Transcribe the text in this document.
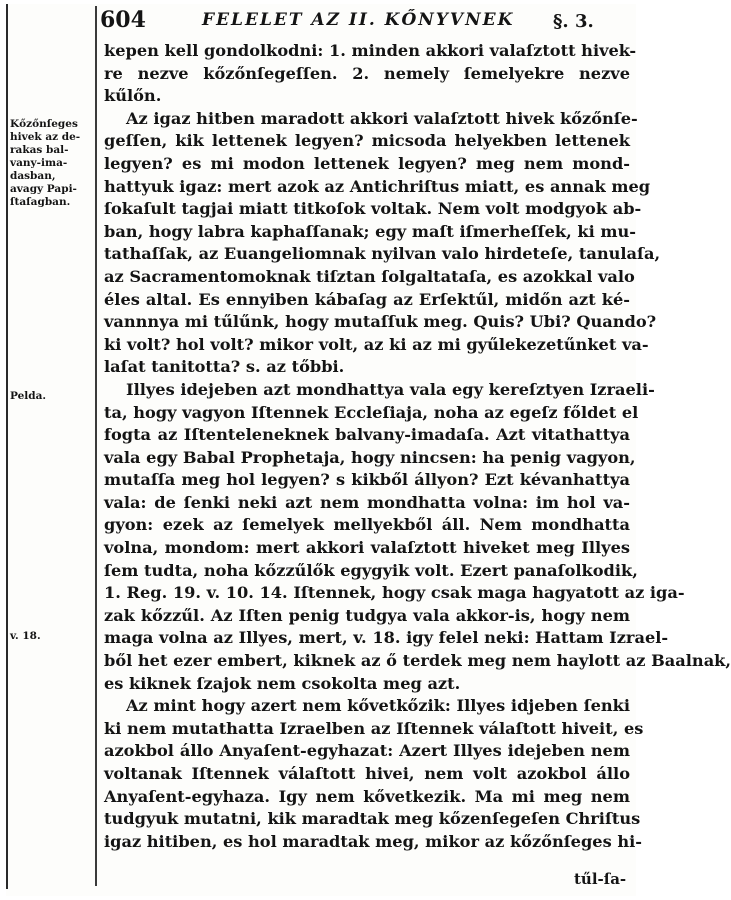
604	FELELET AZ II. KŐNYVNEK §. 3.
Kőzőnſeges
hivek az de-
rakas bal-
vany-ima-
dasban,
avagy Papi-
ſtaſagban.
Pelda.
v. 18.

kepen kell gondolkodni: 1. minden akkori valaſztott hivek-
re nezve kőzőnſegeſſen. 2. nemely ſemelyekre nezve
kűlőn.

Az igaz hitben maradott akkori valaſztott hivek kőzőnſe-
geſſen, kik lettenek legyen? micsoda helyekben lettenek
legyen? es mi modon lettenek legyen? meg nem mond-
hattyuk igaz: mert azok az Antichriſtus miatt, es annak meg
ſokaſult tagjai miatt titkoſok voltak. Nem volt modgyok ab-
ban, hogy labra kaphaſſanak; egy maſt iſmerheſſek, ki mu-
tathaſſak, az Euangeliomnak nyilvan valo hirdeteſe, tanulaſa,
az Sacramentomoknak tiſztan ſolgaltataſa, es azokkal valo
éles altal. Es ennyiben kábaſag az Erſektűl, midőn azt ké-
vannnya mi tűlűnk, hogy mutaſſuk meg. Quis? Ubi? Quando?
ki volt? hol volt? mikor volt, az ki az mi gyűlekezetűnket va-
laſat tanitotta? s. az tőbbi.

Illyes idejeben azt mondhattya vala egy kereſztyen Izraeli-
ta, hogy vagyon Iſtennek Eccleſiaja, noha az egeſz főldet el
fogta az Iſtenteleneknek balvany-imadaſa. Azt vitathattya
vala egy Babal Prophetaja, hogy nincsen: ha penig vagyon,
mutaſſa meg hol legyen? s kikből állyon? Ezt kévanhattya
vala: de ſenki neki azt nem mondhatta volna: im hol va-
gyon: ezek az ſemelyek mellyekből áll. Nem mondhatta
volna, mondom: mert akkori valaſztott hiveket meg Illyes
ſem tudta, noha kőzzűlők egygyik volt. Ezert panaſolkodik,
1. Reg. 19. v. 10. 14. Iſtennek, hogy csak maga hagyatott az iga-
zak kőzzűl. Az Iſten penig tudgya vala akkor-is, hogy nem
maga volna az Illyes, mert, v. 18. igy felel neki: Hattam Izrael-
ből het ezer embert, kiknek az ő terdek meg nem haylott az Baalnak,
es kiknek ſzajok nem csokolta meg azt.

Az mint hogy azert nem kővetkőzik: Illyes idjeben ſenki
ki nem mutathatta Izraelben az Iſtennek válaſtott hiveit, es
azokbol állo Anyaſent-egyhazat: Azert Illyes idejeben nem
voltanak Iſtennek válaſtott hivei, nem volt azokbol állo
Anyaſent-egyhaza. Igy nem kővetkezik. Ma mi meg nem
tudgyuk mutatni, kik maradtak meg kőzenſegeſen Chriſtus
igaz hitiben, es hol maradtak meg, mikor az kőzőnſeges hi-

tűl-ſa-
